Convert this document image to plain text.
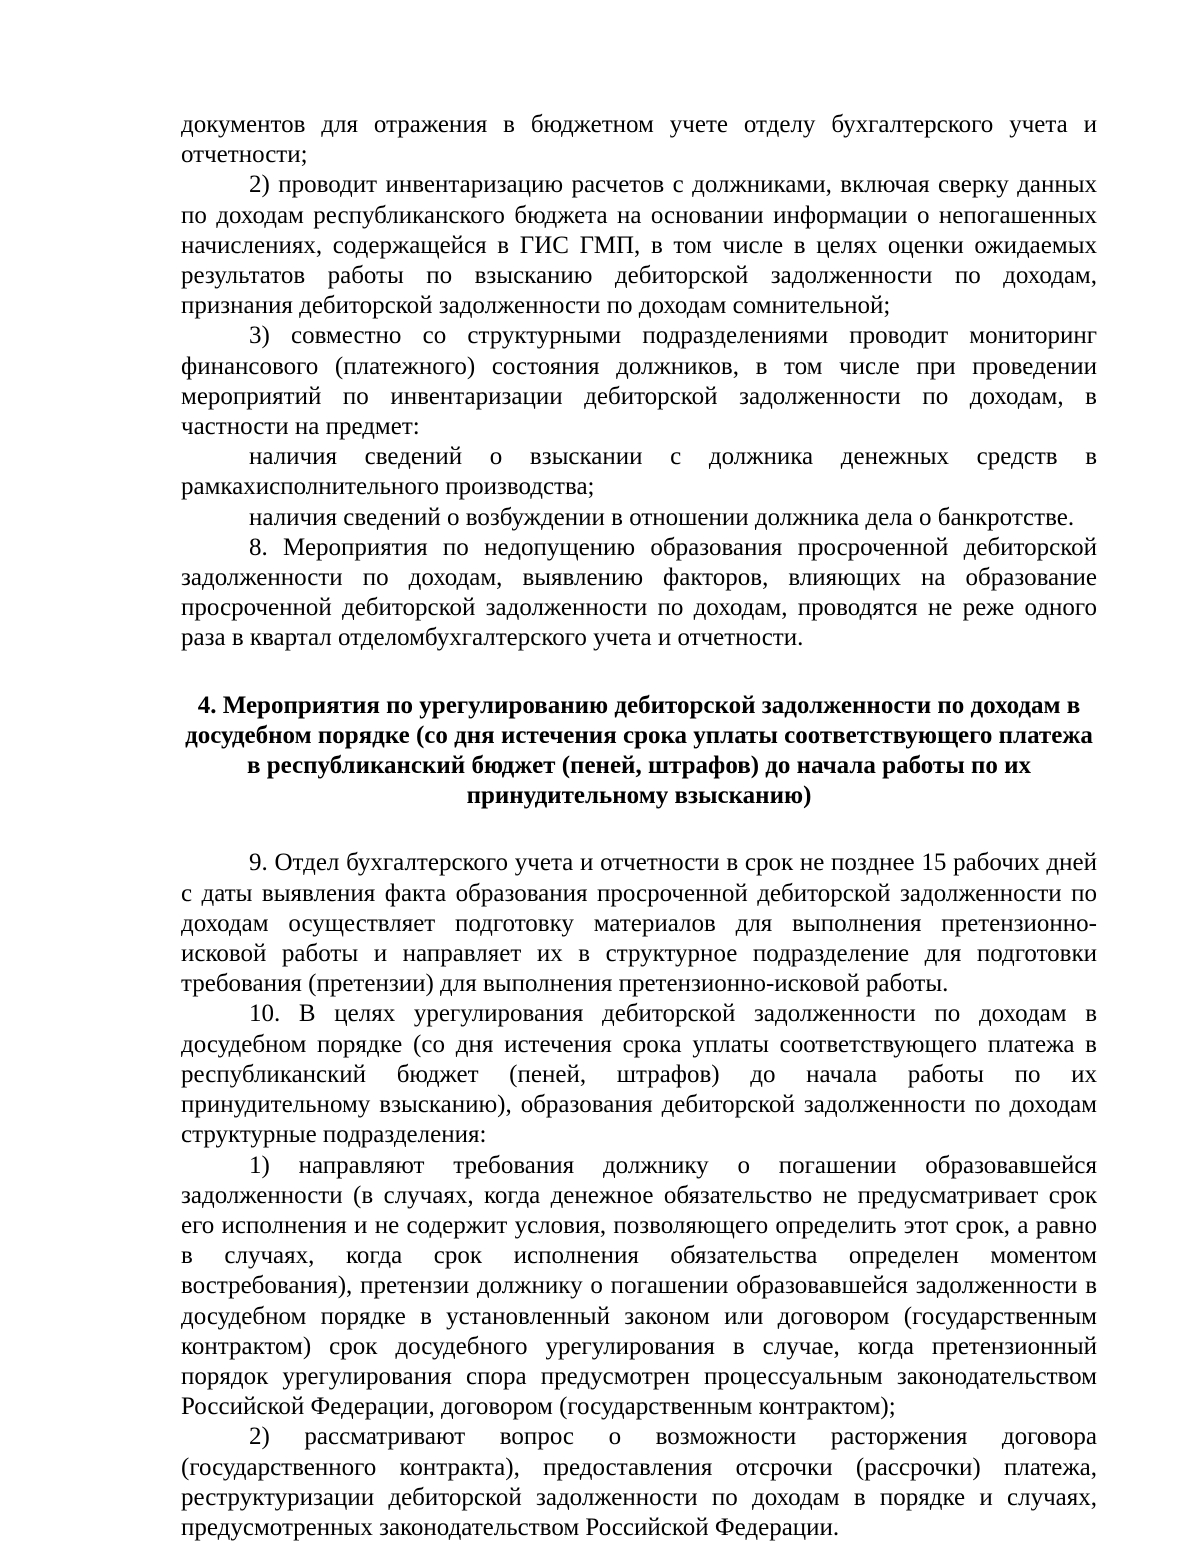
документов для отражения в бюджетном учете отделу бухгалтерского учета и отчетности;

2) проводит инвентаризацию расчетов с должниками, включая сверку данных по доходам республиканского бюджета на основании информации о непогашенных начислениях, содержащейся в ГИС ГМП, в том числе в целях оценки ожидаемых результатов работы по взысканию дебиторской задолженности по доходам, признания дебиторской задолженности по доходам сомнительной;

3) совместно со структурными подразделениями проводит мониторинг финансового (платежного) состояния должников, в том числе при проведении мероприятий по инвентаризации дебиторской задолженности по доходам, в частности на предмет:

наличия сведений о взыскании с должника денежных средств в рамкахисполнительного производства;

наличия сведений о возбуждении в отношении должника дела о банкротстве.

8. Мероприятия по недопущению образования просроченной дебиторской задолженности по доходам, выявлению факторов, влияющих на образование просроченной дебиторской задолженности по доходам, проводятся не реже одного раза в квартал отделомбухгалтерского учета и отчетности.

4. Мероприятия по урегулированию дебиторской задолженности по доходам в досудебном порядке (со дня истечения срока уплаты соответствующего платежа в республиканский бюджет (пеней, штрафов) до начала работы по их принудительному взысканию)

9. Отдел бухгалтерского учета и отчетности в срок не позднее 15 рабочих дней с даты выявления факта образования просроченной дебиторской задолженности по доходам осуществляет подготовку материалов для выполнения претензионно-исковой работы и направляет их в структурное подразделение для подготовки требования (претензии) для выполнения претензионно-исковой работы.

10. В целях урегулирования дебиторской задолженности по доходам в досудебном порядке (со дня истечения срока уплаты соответствующего платежа в республиканский бюджет (пеней, штрафов) до начала работы по их принудительному взысканию), образования дебиторской задолженности по доходам структурные подразделения:

1) направляют требования должнику о погашении образовавшейся задолженности (в случаях, когда денежное обязательство не предусматривает срок его исполнения и не содержит условия, позволяющего определить этот срок, а равно в случаях, когда срок исполнения обязательства определен моментом востребования), претензии должнику о погашении образовавшейся задолженности в досудебном порядке в установленный законом или договором (государственным контрактом) срок досудебного урегулирования в случае, когда претензионный порядок урегулирования спора предусмотрен процессуальным законодательством Российской Федерации, договором (государственным контрактом);

2) рассматривают вопрос о возможности расторжения договора (государственного контракта), предоставления отсрочки (рассрочки) платежа, реструктуризации дебиторской задолженности по доходам в порядке и случаях, предусмотренных законодательством Российской Федерации.
